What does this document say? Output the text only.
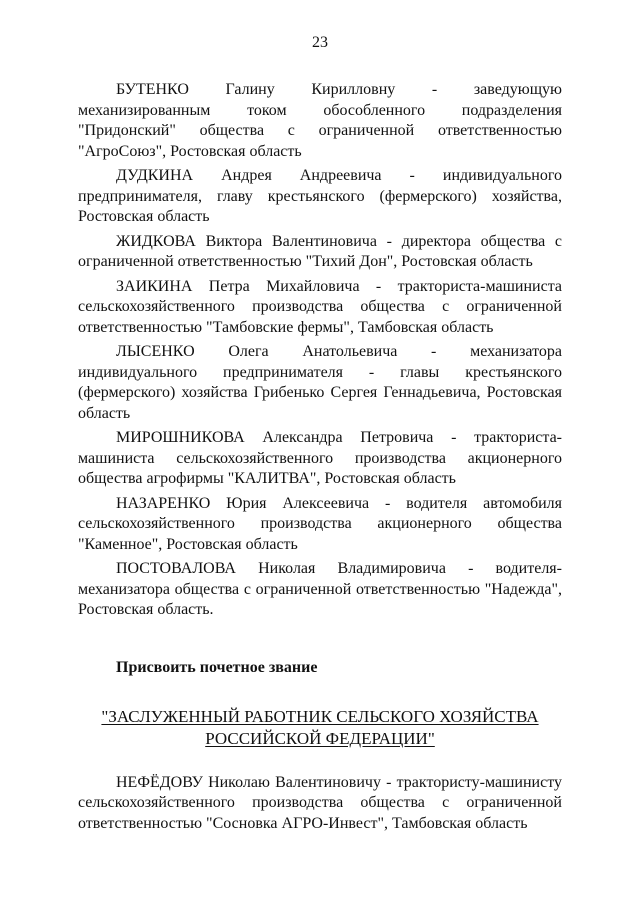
23

БУТЕНКО Галину Кирилловну - заведующую механизированным током обособленного подразделения "Придонский" общества с ограниченной ответственностью "АгроСоюз", Ростовская область

ДУДКИНА Андрея Андреевича - индивидуального предпринимателя, главу крестьянского (фермерского) хозяйства, Ростовская область

ЖИДКОВА Виктора Валентиновича - директора общества с ограниченной ответственностью "Тихий Дон", Ростовская область

ЗАИКИНА Петра Михайловича - тракториста-машиниста сельскохозяйственного производства общества с ограниченной ответственностью "Тамбовские фермы", Тамбовская область

ЛЫСЕНКО Олега Анатольевича - механизатора индивидуального предпринимателя - главы крестьянского (фермерского) хозяйства Грибенько Сергея Геннадьевича, Ростовская область

МИРОШНИКОВА Александра Петровича - тракториста-машиниста сельскохозяйственного производства акционерного общества агрофирмы "КАЛИТВА", Ростовская область

НАЗАРЕНКО Юрия Алексеевича - водителя автомобиля сельскохозяйственного производства акционерного общества "Каменное", Ростовская область

ПОСТОВАЛОВА Николая Владимировича - водителя-механизатора общества с ограниченной ответственностью "Надежда", Ростовская область.

Присвоить почетное звание
"ЗАСЛУЖЕННЫЙ РАБОТНИК СЕЛЬСКОГО ХОЗЯЙСТВА
РОССИЙСКОЙ ФЕДЕРАЦИИ"

НЕФЁДОВУ Николаю Валентиновичу - трактористу-машинисту сельскохозяйственного производства общества с ограниченной ответственностью "Сосновка АГРО-Инвест", Тамбовская область
